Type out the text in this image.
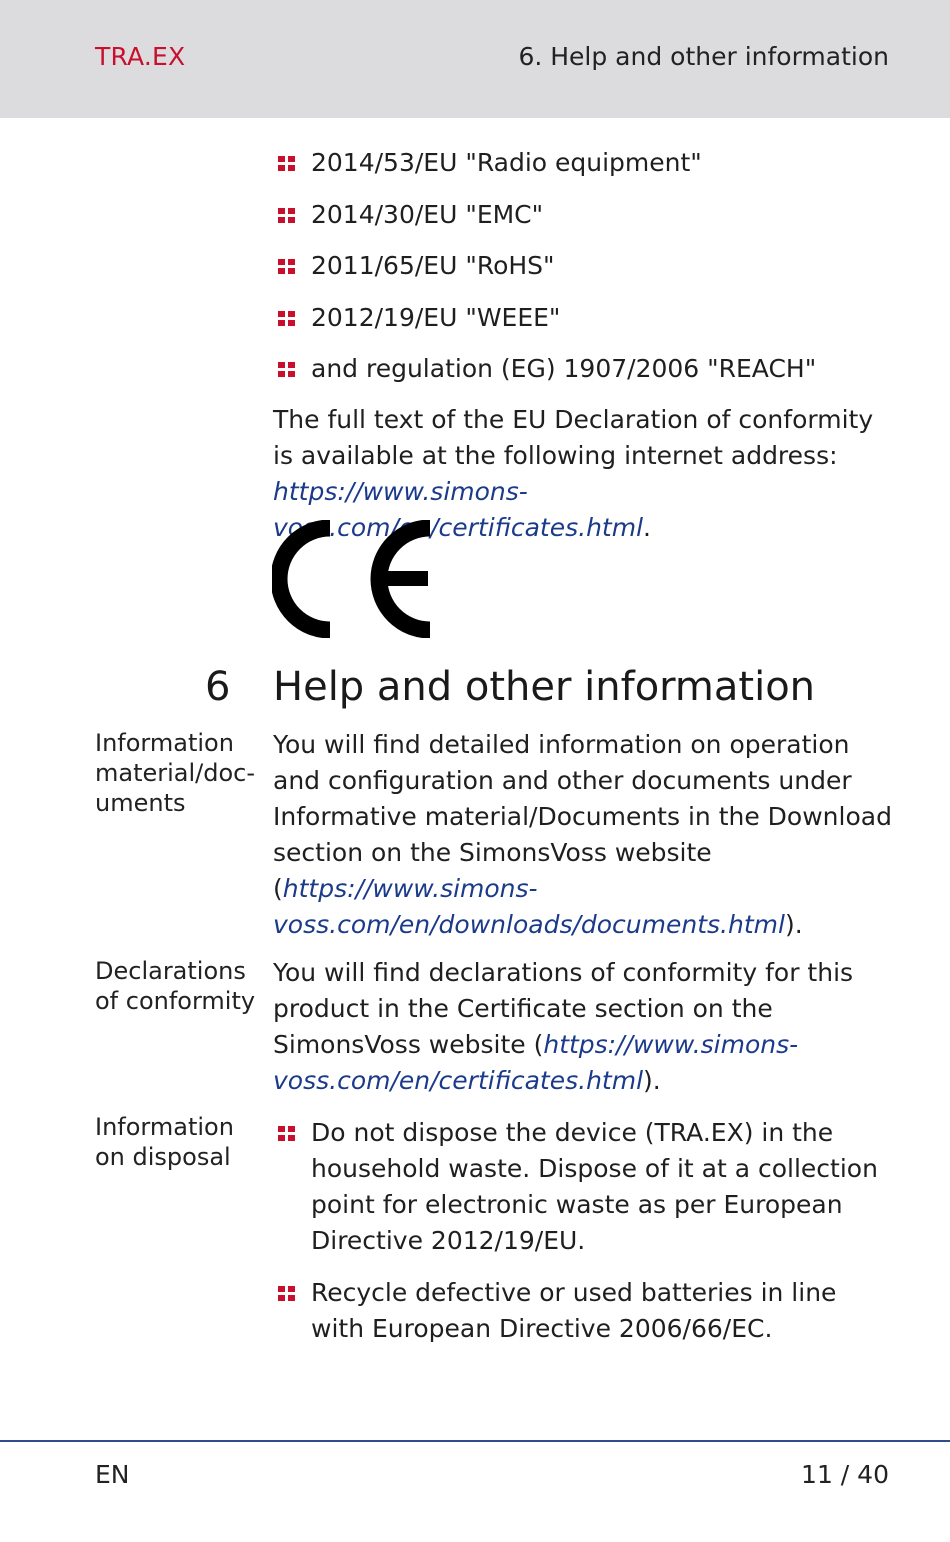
TRA.EX	6. Help and other information
2014/53/EU "Radio equipment"
2014/30/EU "EMC"
2011/65/EU "RoHS"
2012/19/EU "WEEE"
and regulation (EG) 1907/2006 "REACH"
The full text of the EU Declaration of conformity is available at the following internet address: https://www.simons-voss.com/en/certificates.html.
6 Help and other information
Information material/doc-uments
You will find detailed information on operation and configuration and other documents under Informative material/Documents in the Download section on the SimonsVoss website (https://www.simons-voss.com/en/downloads/documents.html).
Declarations of conformity
You will find declarations of conformity for this product in the Certificate section on the SimonsVoss website (https://www.simons-voss.com/en/certificates.html).
Information on disposal
Do not dispose the device (TRA.EX) in the household waste. Dispose of it at a collection point for electronic waste as per European Directive 2012/19/EU.
Recycle defective or used batteries in line with European Directive 2006/66/EC.
EN	11 / 40
